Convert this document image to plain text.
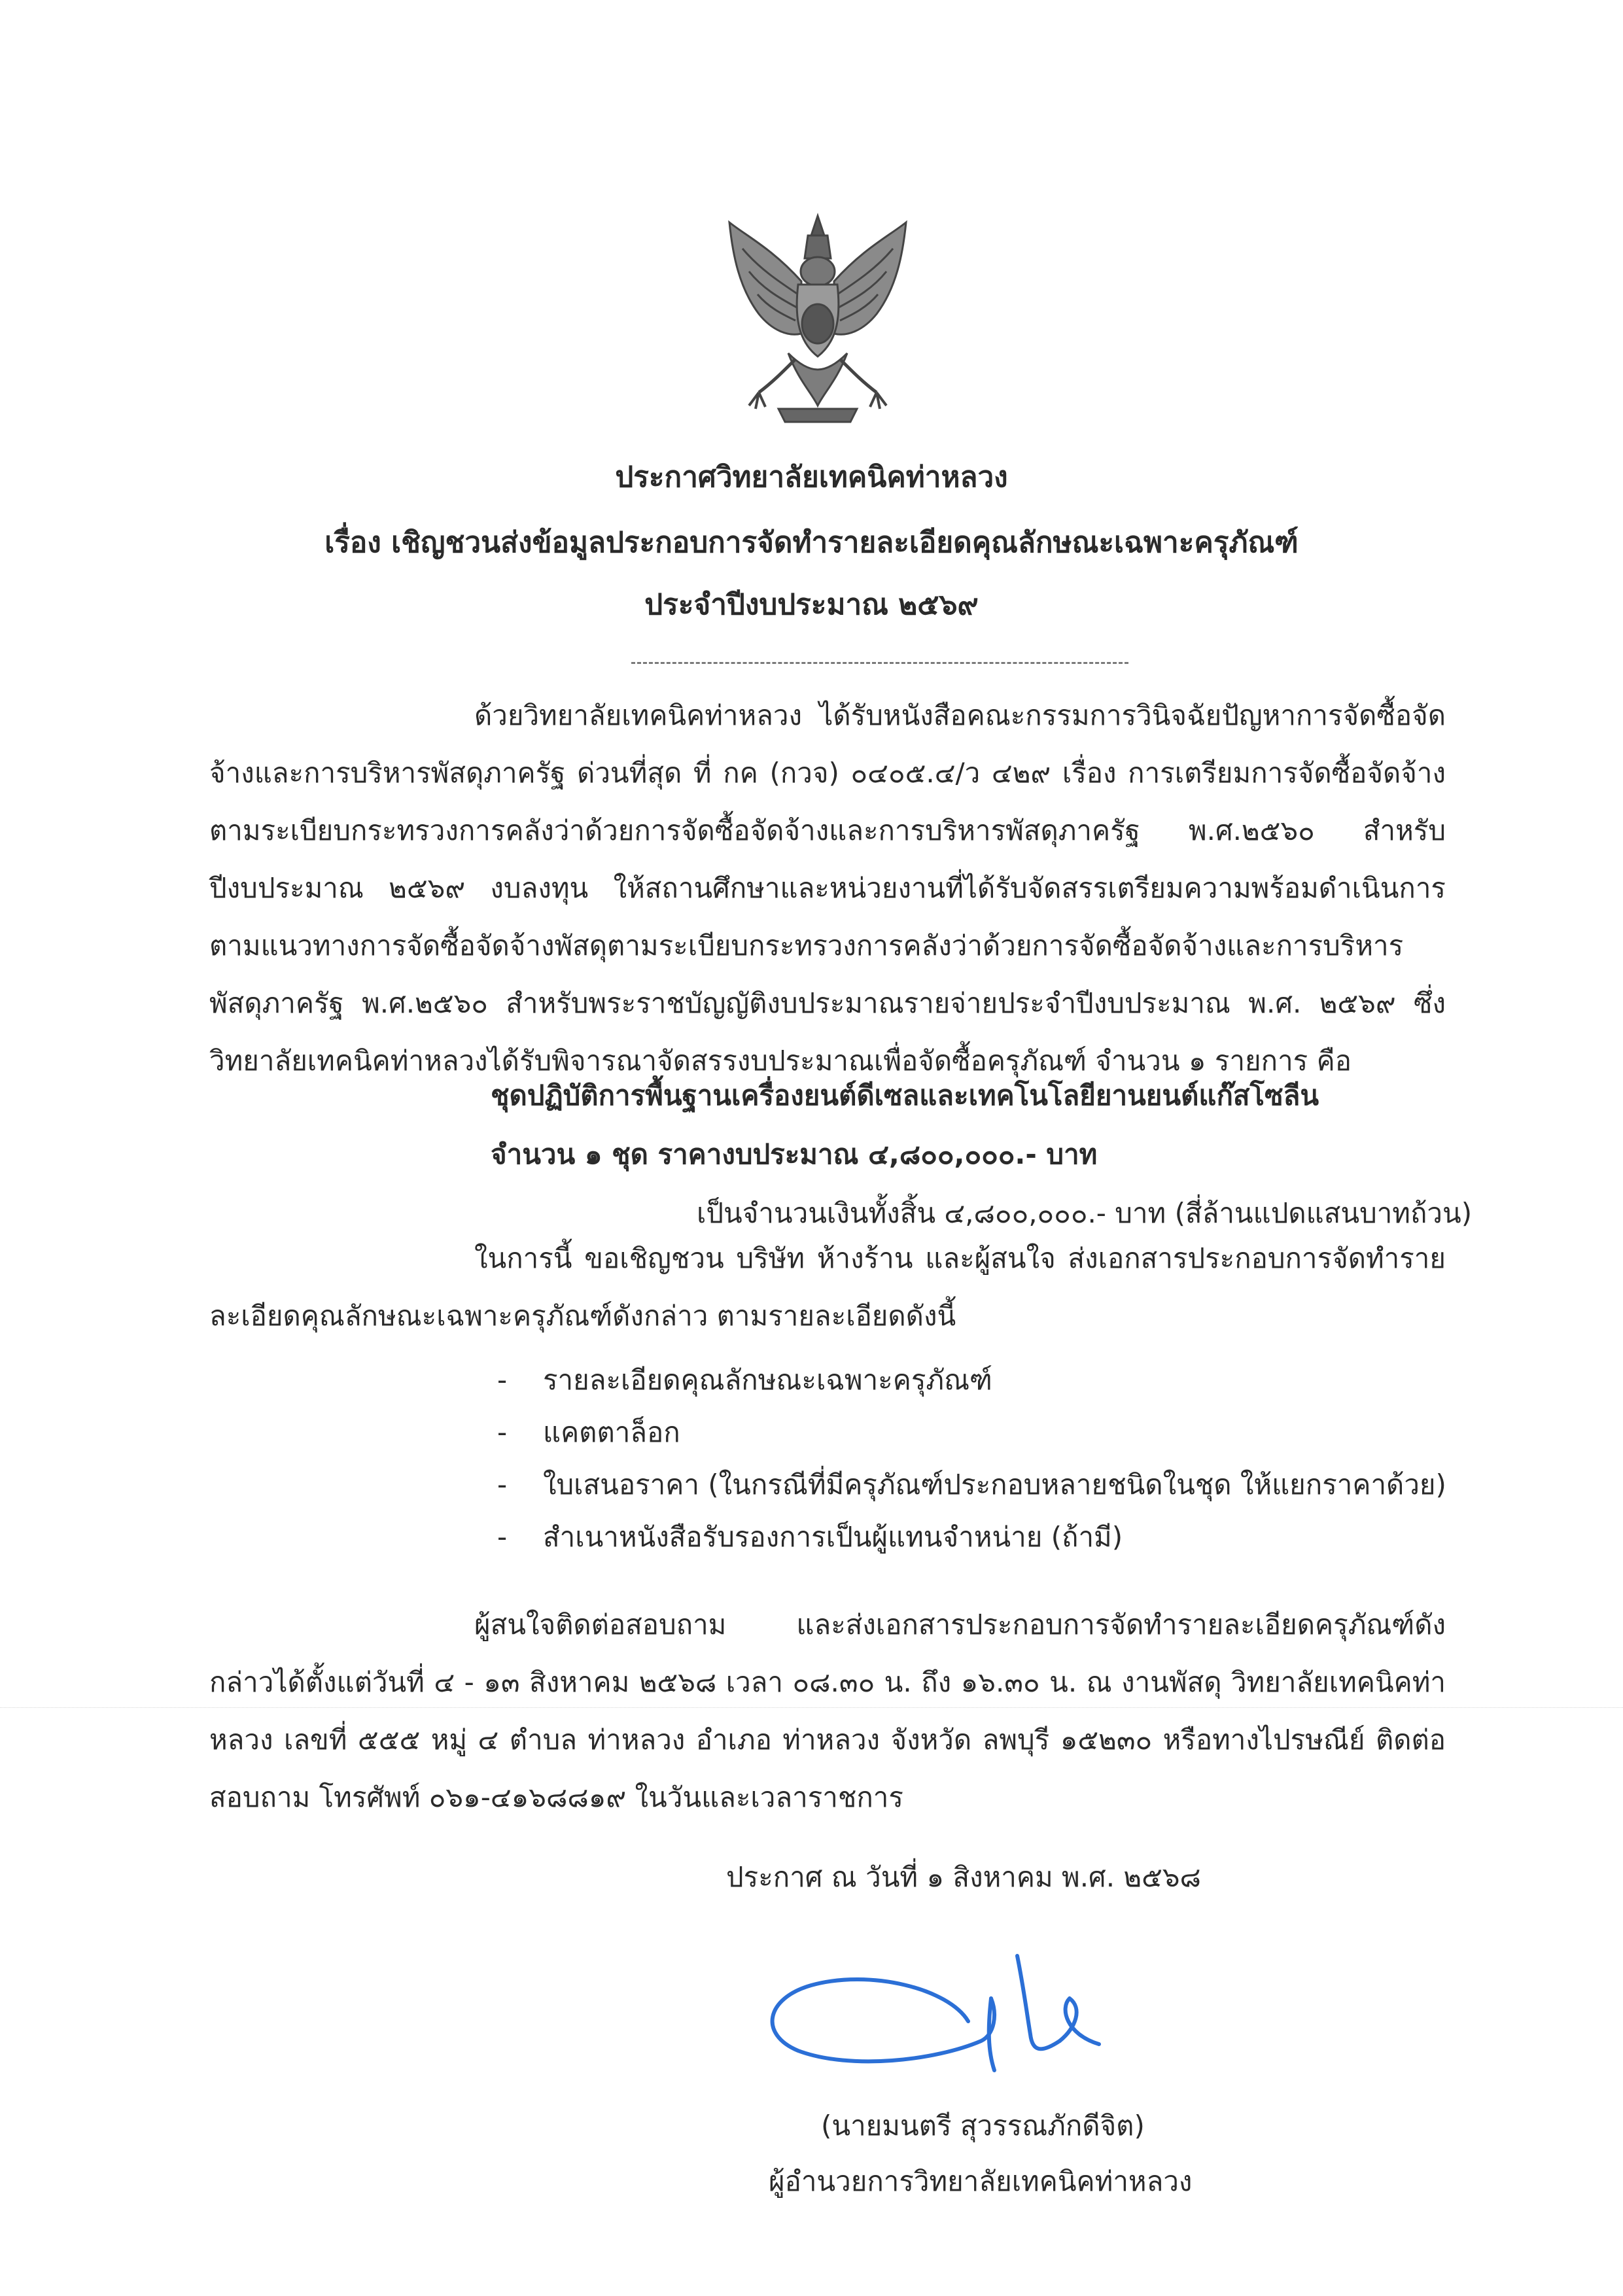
ประกาศวิทยาลัยเทคนิคท่าหลวง
เรื่อง เชิญชวนส่งข้อมูลประกอบการจัดทำรายละเอียดคุณลักษณะเฉพาะครุภัณฑ์
ประจำปีงบประมาณ ๒๕๖๙
ด้วยวิทยาลัยเทคนิคท่าหลวง ได้รับหนังสือคณะกรรมการวินิจฉัยปัญหาการจัดซื้อจัดจ้างและการบริหารพัสดุภาครัฐ ด่วนที่สุด ที่ กค (กวจ) ๐๔๐๕.๔/ว ๔๒๙ เรื่อง การเตรียมการจัดซื้อจัดจ้างตามระเบียบกระทรวงการคลังว่าด้วยการจัดซื้อจัดจ้างและการบริหารพัสดุภาครัฐ พ.ศ.๒๕๖๐ สำหรับปีงบประมาณ ๒๕๖๙ งบลงทุน ให้สถานศึกษาและหน่วยงานที่ได้รับจัดสรรเตรียมความพร้อมดำเนินการ ตามแนวทางการจัดซื้อจัดจ้างพัสดุตามระเบียบกระทรวงการคลังว่าด้วยการจัดซื้อจัดจ้างและการบริหารพัสดุภาครัฐ พ.ศ.๒๕๖๐ สำหรับพระราชบัญญัติงบประมาณรายจ่ายประจำปีงบประมาณ พ.ศ. ๒๕๖๙ ซึ่งวิทยาลัยเทคนิคท่าหลวงได้รับพิจารณาจัดสรรงบประมาณเพื่อจัดซื้อครุภัณฑ์ จำนวน ๑ รายการ คือ
ชุดปฏิบัติการพื้นฐานเครื่องยนต์ดีเซลและเทคโนโลยียานยนต์แก๊สโซลีน
จำนวน ๑ ชุด ราคางบประมาณ ๔,๘๐๐,๐๐๐.- บาท
เป็นจำนวนเงินทั้งสิ้น ๔,๘๐๐,๐๐๐.- บาท (สี่ล้านแปดแสนบาทถ้วน)
ในการนี้ ขอเชิญชวน บริษัท ห้างร้าน และผู้สนใจ ส่งเอกสารประกอบการจัดทำรายละเอียดคุณลักษณะเฉพาะครุภัณฑ์ดังกล่าว ตามรายละเอียดดังนี้
- รายละเอียดคุณลักษณะเฉพาะครุภัณฑ์
- แคตตาล็อก
- ใบเสนอราคา (ในกรณีที่มีครุภัณฑ์ประกอบหลายชนิดในชุด ให้แยกราคาด้วย)
- สำเนาหนังสือรับรองการเป็นผู้แทนจำหน่าย (ถ้ามี)
ผู้สนใจติดต่อสอบถาม และส่งเอกสารประกอบการจัดทำรายละเอียดครุภัณฑ์ดังกล่าวได้ตั้งแต่วันที่ ๔ - ๑๓ สิงหาคม ๒๕๖๘ เวลา ๐๘.๓๐ น. ถึง ๑๖.๓๐ น. ณ งานพัสดุ วิทยาลัยเทคนิคท่าหลวง เลขที่ ๕๕๕ หมู่ ๔ ตำบล ท่าหลวง อำเภอ ท่าหลวง จังหวัด ลพบุรี ๑๕๒๓๐ หรือทางไปรษณีย์ ติดต่อสอบถาม โทรศัพท์ ๐๖๑-๔๑๖๘๘๑๙ ในวันและเวลาราชการ
ประกาศ ณ วันที่ ๑ สิงหาคม พ.ศ. ๒๕๖๘
(นายมนตรี สุวรรณภักดีจิต)
ผู้อำนวยการวิทยาลัยเทคนิคท่าหลวง
